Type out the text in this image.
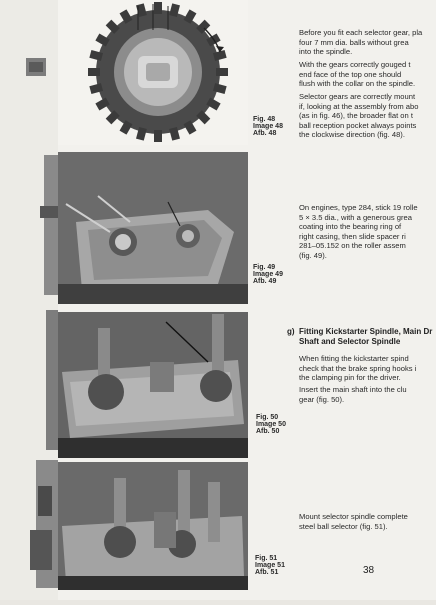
Fig. 48
Image 48
Afb. 48
Fig. 49
Image 49
Afb. 49
Fig. 50
Image 50
Afb. 50
Fig. 51
Image 51
Afb. 51
Before you fit each selector gear, pla
four 7 mm dia. balls without grea
into the spindle.
With the gears correctly gouged t
end face of the top one should
flush with the collar on the spindle.
Selector gears are correctly mount
if, looking at the assembly from abo
(as in fig. 46), the broader flat on t
ball reception pocket always points
the clockwise direction (fig. 48).
On engines, type 284, stick 19 rolle
5 × 3.5 dia., with a generous grea
coating into the bearing ring of
right casing, then slide spacer ri
281–05.152 on the roller assem
(fig. 49).
g) Fitting Kickstarter Spindle, Main Dr
Shaft and Selector Spindle
When fitting the kickstarter spind
check that the brake spring hooks i
the clamping pin for the driver.
Insert the main shaft into the clu
gear (fig. 50).
Mount selector spindle complete
steel ball selector (fig. 51).
38
